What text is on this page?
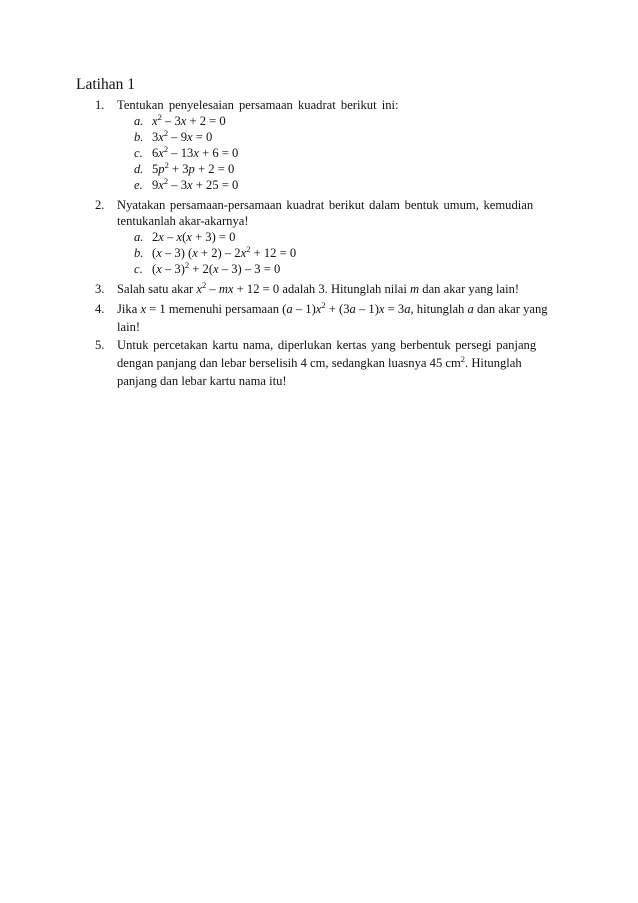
Latihan 1
1. Tentukan penyelesaian persamaan kuadrat berikut ini:
a. $x^2 - 3x + 2 = 0$
b. $3x^2 - 9x = 0$
c. $6x^2 - 13x + 6 = 0$
d. $5p^2 + 3p + 2 = 0$
e. $9x^2 - 3x + 25 = 0$
2. Nyatakan persamaan-persamaan kuadrat berikut dalam bentuk umum, kemudian
tentukanlah akar-akarnya!
a. 2x – x(x + 3) = 0
b. (x – 3) $(x + 2) - 2x^2 + 12 = 0$
c. (x – 3)$^2$ + 2(x – 3) – 3 = 0
3. Salah satu akar $x^2$ – mx + 12 = 0 adalah 3. Hitunglah nilai m dan akar yang lain!
4. Jika x = 1 memenuhi persamaan $(a - 1)x^2 + (3a - 1)x = 3a$, hitunglah a dan akar yang
lain!
5. Untuk percetakan kartu nama, diperlukan kertas yang berbentuk persegi panjang
dengan panjang dan lebar berselisih 4 cm, sedangkan luasnya 45 $cm^2$. Hitunglah
panjang dan lebar kartu nama itu!
